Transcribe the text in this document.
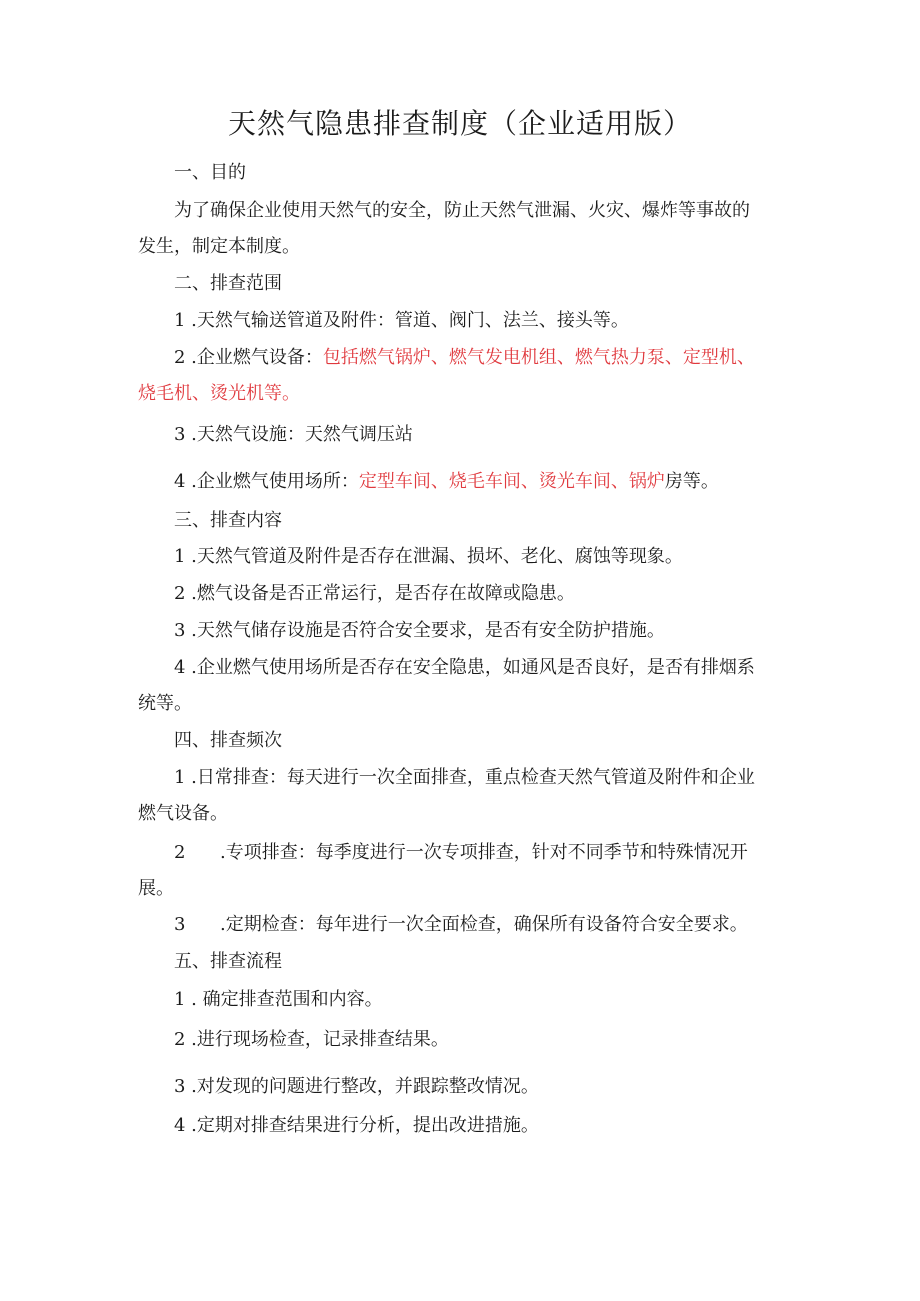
天然气隐患排查制度（企业适用版）
一、目的
为了确保企业使用天然气的安全，防止天然气泄漏、火灾、爆炸等事故的
发生，制定本制度。
二、排查范围
1 .天然气输送管道及附件：管道、阀门、法兰、接头等。
2 .企业燃气设备：包括燃气锅炉、燃气发电机组、燃气热力泵、定型机、
烧毛机、烫光机等。
3 .天然气设施：天然气调压站
4 .企业燃气使用场所：定型车间、烧毛车间、烫光车间、锅炉房等。
三、排查内容
1 .天然气管道及附件是否存在泄漏、损坏、老化、腐蚀等现象。
2 .燃气设备是否正常运行，是否存在故障或隐患。
3 .天然气储存设施是否符合安全要求，是否有安全防护措施。
4 .企业燃气使用场所是否存在安全隐患，如通风是否良好，是否有排烟系
统等。
四、排查频次
1 .日常排查：每天进行一次全面排查，重点检查天然气管道及附件和企业
燃气设备。
2 .专项排查：每季度进行一次专项排查，针对不同季节和特殊情况开
展。
3 .定期检查：每年进行一次全面检查，确保所有设备符合安全要求。
五、排查流程
1 . 确定排查范围和内容。
2 .进行现场检查，记录排查结果。
3 .对发现的问题进行整改，并跟踪整改情况。
4 .定期对排查结果进行分析，提出改进措施。
